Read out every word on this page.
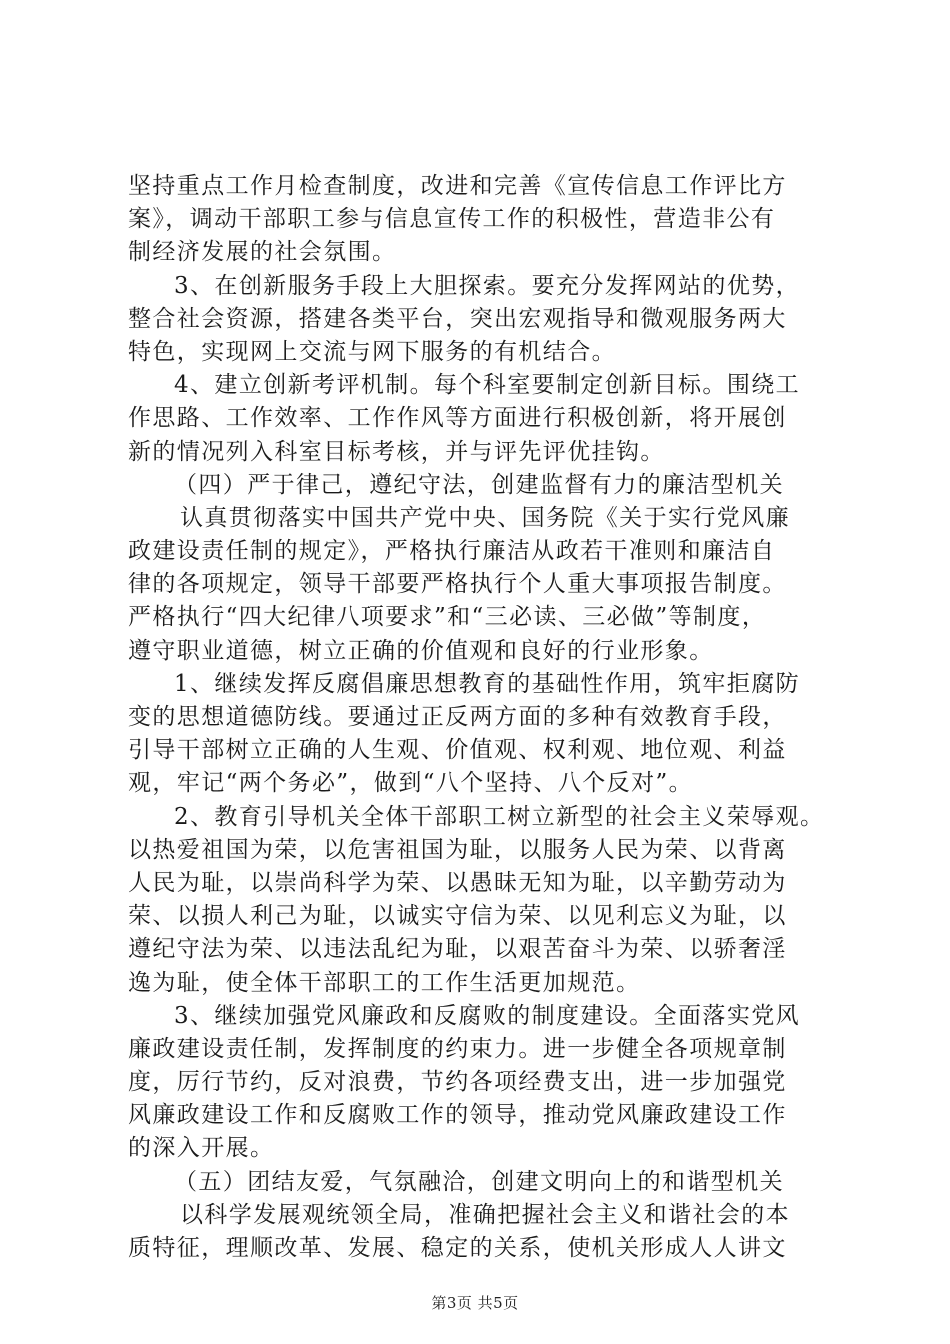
坚持重点工作月检查制度，改进和完善《宣传信息工作评比方
案》，调动干部职工参与信息宣传工作的积极性，营造非公有
制经济发展的社会氛围。
3、在创新服务手段上大胆探索。要充分发挥网站的优势，
整合社会资源，搭建各类平台，突出宏观指导和微观服务两大
特色，实现网上交流与网下服务的有机结合。
4、建立创新考评机制。每个科室要制定创新目标。围绕工
作思路、工作效率、工作作风等方面进行积极创新，将开展创
新的情况列入科室目标考核，并与评先评优挂钩。
（四）严于律己，遵纪守法，创建监督有力的廉洁型机关
认真贯彻落实中国共产党中央、国务院《关于实行党风廉
政建设责任制的规定》，严格执行廉洁从政若干准则和廉洁自
律的各项规定，领导干部要严格执行个人重大事项报告制度。
严格执行“四大纪律八项要求”和“三必读、三必做”等制度，
遵守职业道德，树立正确的价值观和良好的行业形象。
1、继续发挥反腐倡廉思想教育的基础性作用，筑牢拒腐防
变的思想道德防线。要通过正反两方面的多种有效教育手段，
引导干部树立正确的人生观、价值观、权利观、地位观、利益
观，牢记“两个务必”，做到“八个坚持、八个反对”。
2、教育引导机关全体干部职工树立新型的社会主义荣辱观。
以热爱祖国为荣，以危害祖国为耻，以服务人民为荣、以背离
人民为耻，以崇尚科学为荣、以愚昧无知为耻，以辛勤劳动为
荣、以损人利己为耻，以诚实守信为荣、以见利忘义为耻，以
遵纪守法为荣、以违法乱纪为耻，以艰苦奋斗为荣、以骄奢淫
逸为耻，使全体干部职工的工作生活更加规范。
3、继续加强党风廉政和反腐败的制度建设。全面落实党风
廉政建设责任制，发挥制度的约束力。进一步健全各项规章制
度，厉行节约，反对浪费，节约各项经费支出，进一步加强党
风廉政建设工作和反腐败工作的领导，推动党风廉政建设工作
的深入开展。
（五）团结友爱，气氛融洽，创建文明向上的和谐型机关
以科学发展观统领全局，准确把握社会主义和谐社会的本
质特征，理顺改革、发展、稳定的关系，使机关形成人人讲文
第3页 共5页
